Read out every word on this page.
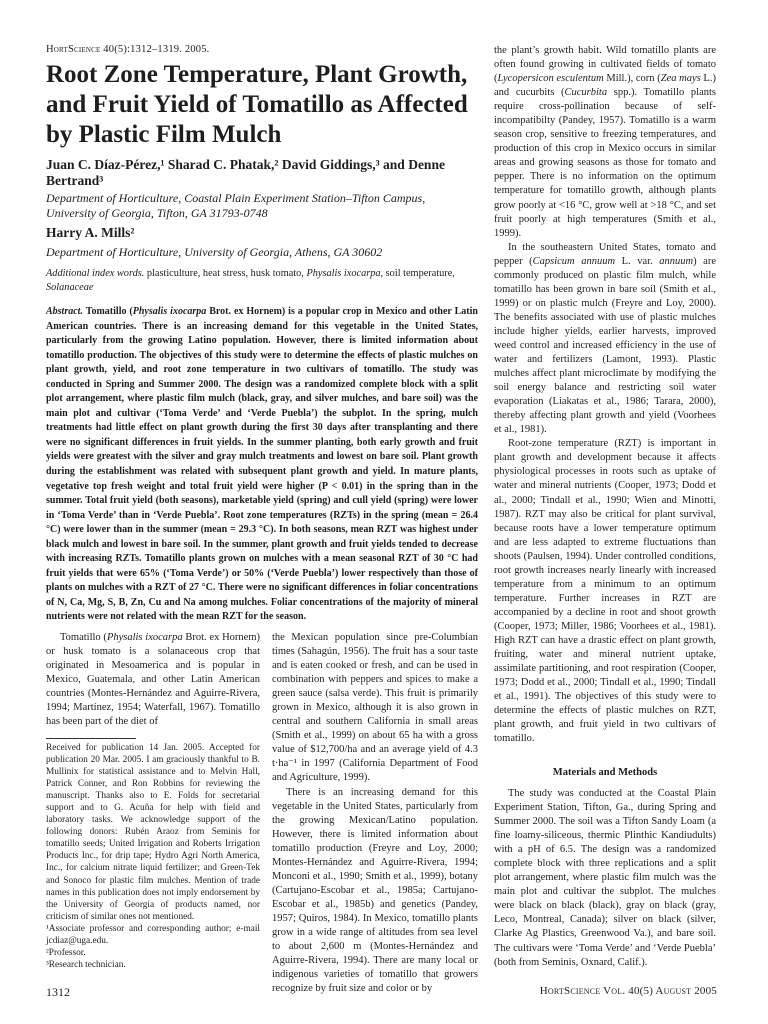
HortScience 40(5):1312–1319. 2005.
Root Zone Temperature, Plant Growth, and Fruit Yield of Tomatillo as Affected by Plastic Film Mulch
Juan C. Díaz-Pérez,¹ Sharad C. Phatak,² David Giddings,³ and Denne Bertrand³
Department of Horticulture, Coastal Plain Experiment Station–Tifton Campus, University of Georgia, Tifton, GA 31793-0748
Harry A. Mills²
Department of Horticulture, University of Georgia, Athens, GA 30602
Additional index words. plasticulture, heat stress, husk tomato, Physalis ixocarpa, soil temperature, Solanaceae
Abstract. Tomatillo (Physalis ixocarpa Brot. ex Hornem) is a popular crop in Mexico and other Latin American countries. There is an increasing demand for this vegetable in the United States, particularly from the growing Latino population. However, there is limited information about tomatillo production. The objectives of this study were to determine the effects of plastic mulches on plant growth, yield, and root zone temperature in two cultivars of tomatillo. The study was conducted in Spring and Summer 2000. The design was a randomized complete block with a split plot arrangement, where plastic film mulch (black, gray, and silver mulches, and bare soil) was the main plot and cultivar (‘Toma Verde’ and ‘Verde Puebla’) the subplot. In the spring, mulch treatments had little effect on plant growth during the first 30 days after transplanting and there were no significant differences in fruit yields. In the summer planting, both early growth and fruit yields were greatest with the silver and gray mulch treatments and lowest on bare soil. Plant growth during the establishment was related with subsequent plant growth and yield. In mature plants, vegetative top fresh weight and total fruit yield were higher (P < 0.01) in the spring than in the summer. Total fruit yield (both seasons), marketable yield (spring) and cull yield (spring) were lower in ‘Toma Verde’ than in ‘Verde Puebla’. Root zone temperatures (RZTs) in the spring (mean = 26.4 °C) were lower than in the summer (mean = 29.3 °C). In both seasons, mean RZT was highest under black mulch and lowest in bare soil. In the summer, plant growth and fruit yields tended to decrease with increasing RZTs. Tomatillo plants grown on mulches with a mean seasonal RZT of 30 °C had fruit yields that were 65% (‘Toma Verde’) or 50% (‘Verde Puebla’) lower respectively than those of plants on mulches with a RZT of 27 °C. There were no significant differences in foliar concentrations of N, Ca, Mg, S, B, Zn, Cu and Na among mulches. Foliar concentrations of the majority of mineral nutrients were not related with the mean RZT for the season.

Tomatillo (Physalis ixocarpa Brot. ex Hornem) or husk tomato is a solanaceous crop that originated in Mesoamerica and is popular in Mexico, Guatemala, and other Latin American countries (Montes-Hernández and Aguirre-Rivera, 1994; Martínez, 1954; Waterfall, 1967). Tomatillo has been part of the diet of

Received for publication 14 Jan. 2005. Accepted for publication 20 Mar. 2005. I am graciously thankful to B. Mullinix for statistical assistance and to Melvin Hall, Patrick Conner, and Ron Robbins for reviewing the manuscript. Thanks also to E. Folds for secretarial support and to G. Acuña for help with field and laboratory tasks. We acknowledge support of the following donors: Rubén Araoz from Seminis for tomatillo seeds; United Irrigation and Roberts Irrigation Products Inc., for drip tape; Hydro Agri North America, Inc., for calcium nitrate liquid fertilizer; and Green-Tek and Sonoco for plastic film mulches. Mention of trade names in this publication does not imply endorsement by the University of Georgia of products named, nor criticism of similar ones not mentioned.

¹Associate professor and corresponding author; e-mail jcdiaz@uga.edu.

²Professor.

³Research technician.

the Mexican population since pre-Columbian times (Sahagún, 1956). The fruit has a sour taste and is eaten cooked or fresh, and can be used in combination with peppers and spices to make a green sauce (salsa verde). This fruit is primarily grown in Mexico, although it is also grown in central and southern California in small areas (Smith et al., 1999) on about 65 ha with a gross value of $12,700/ha and an average yield of 4.3 t·ha⁻¹ in 1997 (California Department of Food and Agriculture, 1999).

There is an increasing demand for this vegetable in the United States, particularly from the growing Mexican/Latino population. However, there is limited information about tomatillo production (Freyre and Loy, 2000; Montes-Hernández and Aguirre-Rivera, 1994; Monconi et al., 1990; Smith et al., 1999), botany (Cartujano-Escobar et al., 1985a; Cartujano-Escobar et al., 1985b) and genetics (Pandey, 1957; Quiros, 1984). In Mexico, tomatillo plants grow in a wide range of altitudes from sea level to about 2,600 m (Montes-Hernández and Aguirre-Rivera, 1994). There are many local or indigenous varieties of tomatillo that growers recognize by fruit size and color or by

the plant’s growth habit. Wild tomatillo plants are often found growing in cultivated fields of tomato (Lycopersicon esculentum Mill.), corn (Zea mays L.) and cucurbits (Cucurbita spp.). Tomatillo plants require cross-pollination because of self-incompatibilty (Pandey, 1957). Tomatillo is a warm season crop, sensitive to freezing temperatures, and production of this crop in Mexico occurs in similar areas and growing seasons as those for tomato and pepper. There is no information on the optimum temperature for tomatillo growth, although plants grow poorly at <16 °C, grow well at >18 °C, and set fruit poorly at high temperatures (Smith et al., 1999).

In the southeastern United States, tomato and pepper (Capsicum annuum L. var. annuum) are commonly produced on plastic film mulch, while tomatillo has been grown in bare soil (Smith et al., 1999) or on plastic mulch (Freyre and Loy, 2000). The benefits associated with use of plastic mulches include higher yields, earlier harvests, improved weed control and increased efficiency in the use of water and fertilizers (Lamont, 1993). Plastic mulches affect plant microclimate by modifying the soil energy balance and restricting soil water evaporation (Liakatas et al., 1986; Tarara, 2000), thereby affecting plant growth and yield (Voorhees et al., 1981).

Root-zone temperature (RZT) is important in plant growth and development because it affects physiological processes in roots such as uptake of water and mineral nutrients (Cooper, 1973; Dodd et al., 2000; Tindall et al., 1990; Wien and Minotti, 1987). RZT may also be critical for plant survival, because roots have a lower temperature optimum and are less adapted to extreme fluctuations than shoots (Paulsen, 1994). Under controlled conditions, root growth increases nearly linearly with increased temperature from a minimum to an optimum temperature. Further increases in RZT are accompanied by a decline in root and shoot growth (Cooper, 1973; Miller, 1986; Voorhees et al., 1981). High RZT can have a drastic effect on plant growth, fruiting, water and mineral nutrient uptake, assimilate partitioning, and root respiration (Cooper, 1973; Dodd et al., 2000; Tindall et al., 1990; Tindall et al., 1991). The objectives of this study were to determine the effects of plastic mulches on RZT, plant growth, and fruit yield in two cultivars of tomatillo.

Materials and Methods

The study was conducted at the Coastal Plain Experiment Station, Tifton, Ga., during Spring and Summer 2000. The soil was a Tifton Sandy Loam (a fine loamy-siliceous, thermic Plinthic Kandiudults) with a pH of 6.5. The design was a randomized complete block with three replications and a split plot arrangement, where plastic film mulch was the main plot and cultivar the subplot. The mulches were black on black (black), gray on black (gray, Leco, Montreal, Canada); silver on black (silver, Clarke Ag Plastics, Greenwood Va.), and bare soil. The cultivars were ‘Toma Verde’ and ‘Verde Puebla’ (both from Seminis, Oxnard, Calif.).

1312	HortScience Vol. 40(5) August 2005
